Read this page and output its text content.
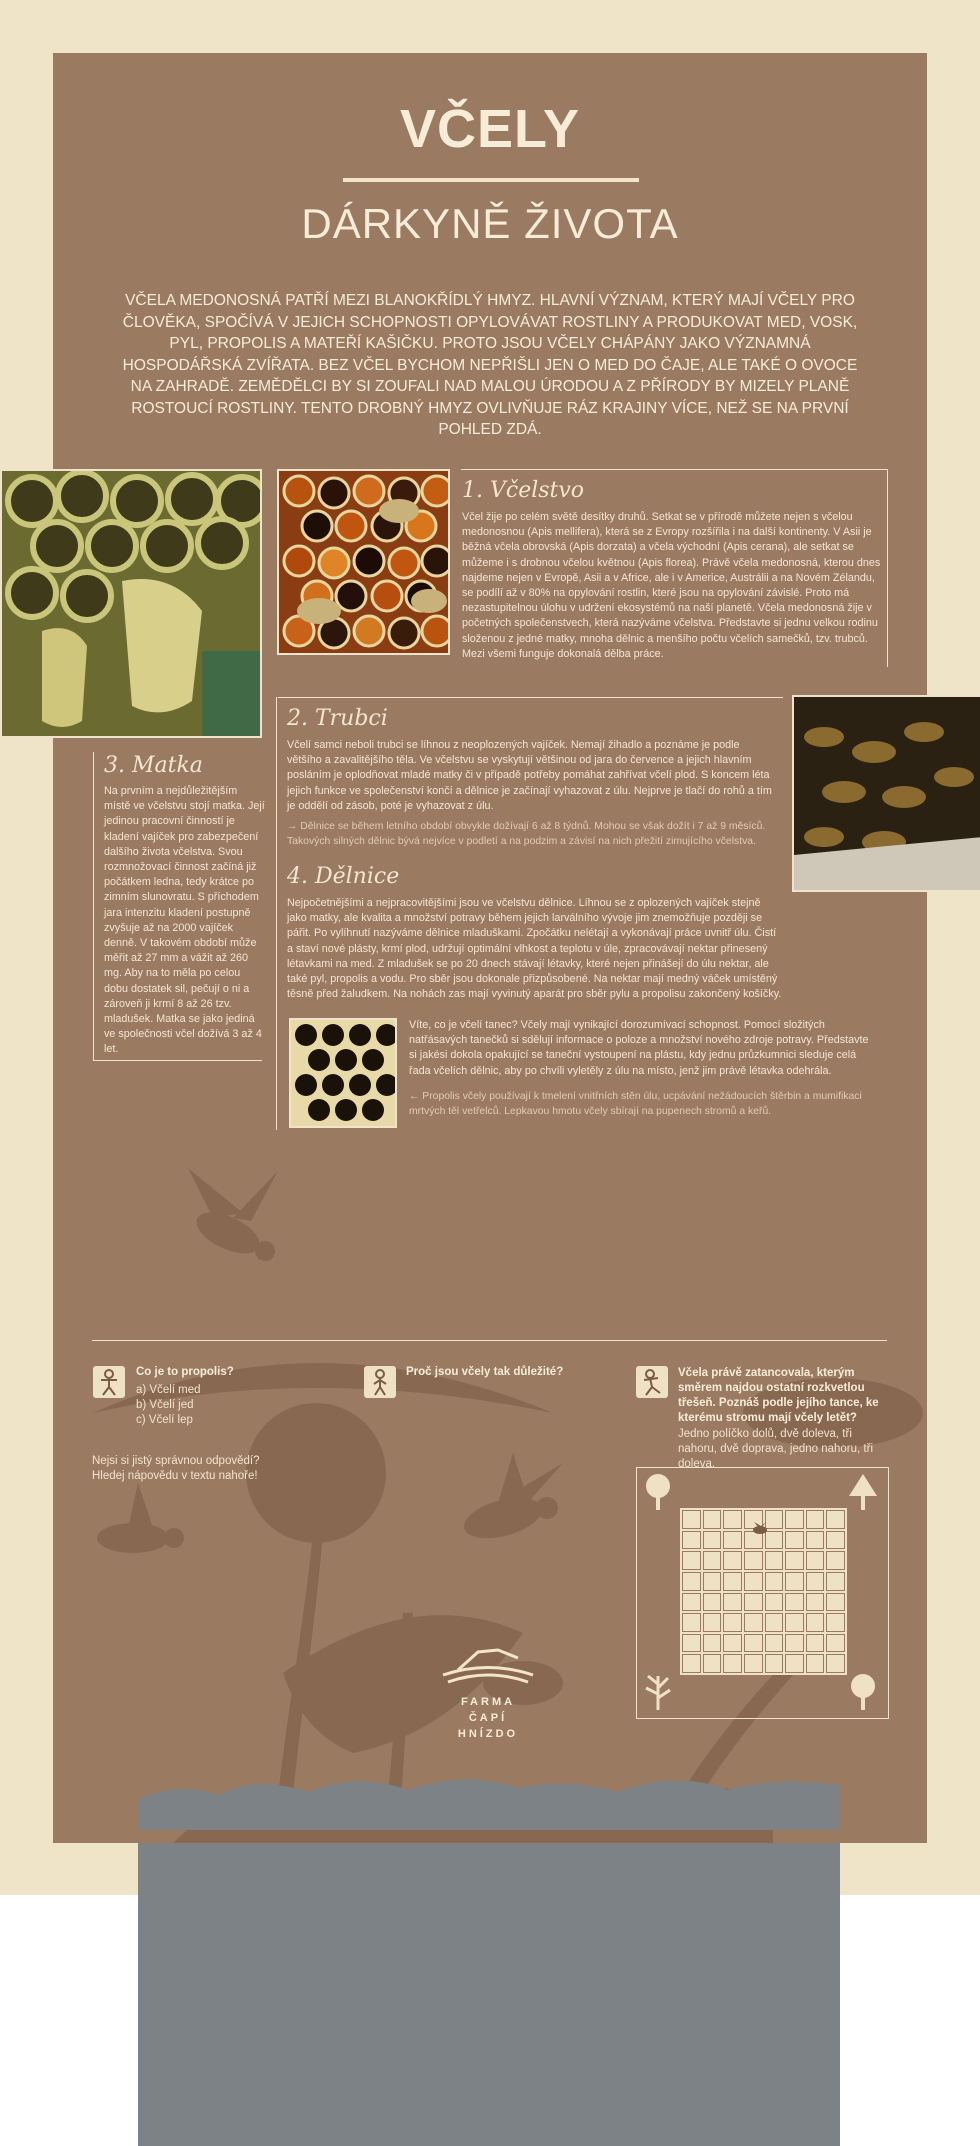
VČELY
DÁRKYNĚ ŽIVOTA
VČELA MEDONOSNÁ PATŘÍ MEZI BLANOKŘÍDLÝ HMYZ. HLAVNÍ VÝZNAM, KTERÝ MAJÍ VČELY PRO ČLOVĚKA, SPOČÍVÁ V JEJICH SCHOPNOSTI OPYLOVÁVAT ROSTLINY A PRODUKOVAT MED, VOSK, PYL, PROPOLIS A MATEŘÍ KAŠIČKU. PROTO JSOU VČELY CHÁPÁNY JAKO VÝZNAMNÁ HOSPODÁŘSKÁ ZVÍŘATA. BEZ VČEL BYCHOM NEPŘIŠLI JEN O MED DO ČAJE, ALE TAKÉ O OVOCE NA ZAHRADĚ. ZEMĚDĚLCI BY SI ZOUFALI NAD MALOU ÚRODOU A Z PŘÍRODY BY MIZELY PLANĚ ROSTOUCÍ ROSTLINY. TENTO DROBNÝ HMYZ OVLIVŇUJE RÁZ KRAJINY VÍCE, NEŽ SE NA PRVNÍ POHLED ZDÁ.
1. Včelstvo
Včel žije po celém světě desítky druhů. Setkat se v přírodě můžete nejen s včelou medonosnou (Apis mellifera), která se z Evropy rozšířila i na další kontinenty. V Asii je běžná včela obrovská (Apis dorzata) a včela východní (Apis cerana), ale setkat se můžeme i s drobnou včelou květnou (Apis florea). Právě včela medonosná, kterou dnes najdeme nejen v Evropě, Asii a v Africe, ale i v Americe, Austrálii a na Novém Zélandu, se podílí až v 80% na opylování rostlin, které jsou na opylování závislé. Proto má nezastupitelnou úlohu v udržení ekosystémů na naší planetě. Včela medonosná žije v početných společenstvech, která nazýváme včelstva. Představte si jednu velkou rodinu složenou z jedné matky, mnoha dělnic a menšího počtu včelích samečků, tzv. trubců. Mezi všemi funguje dokonalá dělba práce.
2. Trubci
Včelí samci neboli trubci se líhnou z neoplozených vajíček. Nemají žihadlo a poznáme je podle většího a zavalitějšího těla. Ve včelstvu se vyskytují většinou od jara do července a jejich hlavním posláním je oplodňovat mladé matky či v případě potřeby pomáhat zahřívat včelí plod. S koncem léta jejich funkce ve společenství končí a dělnice je začínají vyhazovat z úlu. Nejprve je tlačí do rohů a tím je oddělí od zásob, poté je vyhazovat z úlu.
→ Dělnice se během letního období obvykle dožívají 6 až 8 týdnů. Mohou se však dožít i 7 až 9 měsíců. Takových silných dělnic bývá nejvíce v podletí a na podzim a závisí na nich přežití zimujícího včelstva.
4. Dělnice
Nejpočetnějšími a nejpracovitějšími jsou ve včelstvu dělnice. Líhnou se z oplozených vajíček stejně jako matky, ale kvalita a množství potravy během jejich larválního vývoje jim znemožňuje později se pářit. Po vylíhnutí nazýváme dělnice mladuškami. Zpočátku nelétají a vykonávají práce uvnitř úlu. Čistí a staví nové plásty, krmí plod, udržují optimální vlhkost a teplotu v úle, zpracovávají nektar přinesený létavkami na med. Z mladušek se po 20 dnech stávají létavky, které nejen přinášejí do úlu nektar, ale také pyl, propolis a vodu. Pro sběr jsou dokonale přizpůsobené. Na nektar mají medný váček umístěný těsně před žaludkem. Na nohách zas mají vyvinutý aparát pro sběr pylu a propolisu zakončený košíčky.
Víte, co je včelí tanec? Včely mají vynikající dorozumívací schopnost. Pomocí složitých natřásavých tanečků si sdělují informace o poloze a množství nového zdroje potravy. Představte si jakési dokola opakující se taneční vystoupení na plástu, kdy jednu průzkumnici sleduje celá řada včelích dělnic, aby po chvíli vyletěly z úlu na místo, jenž jim právě létavka odehrála.
← Propolis včely používají k tmelení vnitřních stěn úlu, ucpávání nežádoucích štěrbin a mumifikaci mrtvých těl vetřelců. Lepkavou hmotu včely sbírají na pupenech stromů a keřů.
3. Matka
Na prvním a nejdůležitějším místě ve včelstvu stojí matka. Její jedinou pracovní činností je kladení vajíček pro zabezpečení dalšího života včelstva. Svou rozmnožovací činnost začíná již počátkem ledna, tedy krátce po zimním slunovratu. S příchodem jara intenzitu kladení postupně zvyšuje až na 2000 vajíček denně. V takovém období může měřit až 27 mm a vážit až 260 mg. Aby na to měla po celou dobu dostatek sil, pečují o ni a zároveň ji krmí 8 až 26 tzv. mladušek. Matka se jako jediná ve společnosti včel dožívá 3 až 4 let.
Co je to propolis?
a) Včelí med
b) Včelí jed
c) Včelí lep
Nejsi si jistý správnou odpovědí?
Hledej nápovědu v textu nahoře!
Proč jsou včely tak důležité?	Včela právě zatancovala, kterým směrem najdou ostatní rozkvetlou třešeň. Poznáš podle jejího tance, ke kterému stromu mají včely letět?
Jedno políčko dolů, dvě doleva, tři nahoru, dvě doprava, jedno nahoru, tři doleva.
FARMA
ČAPÍ
HNÍZDO
